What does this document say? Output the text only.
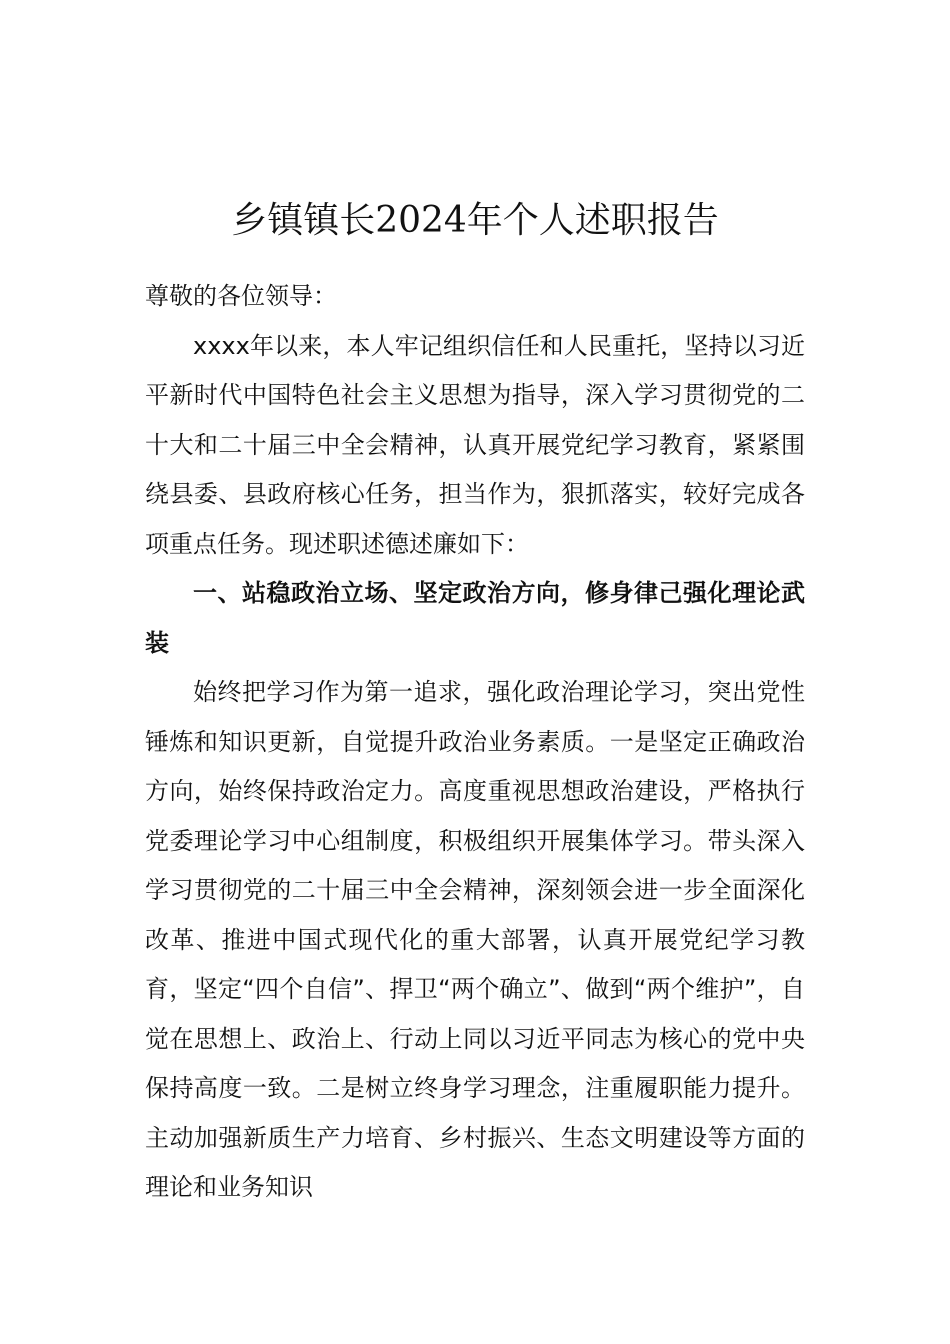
乡镇镇长2024年个人述职报告

尊敬的各位领导：

xxxx年以来，本人牢记组织信任和人民重托，坚持以习近平新时代中国特色社会主义思想为指导，深入学习贯彻党的二十大和二十届三中全会精神，认真开展党纪学习教育，紧紧围绕县委、县政府核心任务，担当作为，狠抓落实，较好完成各项重点任务。现述职述德述廉如下：

一、站稳政治立场、坚定政治方向，修身律己强化理论武装

始终把学习作为第一追求，强化政治理论学习，突出党性锤炼和知识更新，自觉提升政治业务素质。一是坚定正确政治方向，始终保持政治定力。高度重视思想政治建设，严格执行党委理论学习中心组制度，积极组织开展集体学习。带头深入学习贯彻党的二十届三中全会精神，深刻领会进一步全面深化改革、推进中国式现代化的重大部署，认真开展党纪学习教育，坚定“四个自信”、捍卫“两个确立”、做到“两个维护”，自觉在思想上、政治上、行动上同以习近平同志为核心的党中央保持高度一致。二是树立终身学习理念，注重履职能力提升。主动加强新质生产力培育、乡村振兴、生态文明建设等方面的理论和业务知识
